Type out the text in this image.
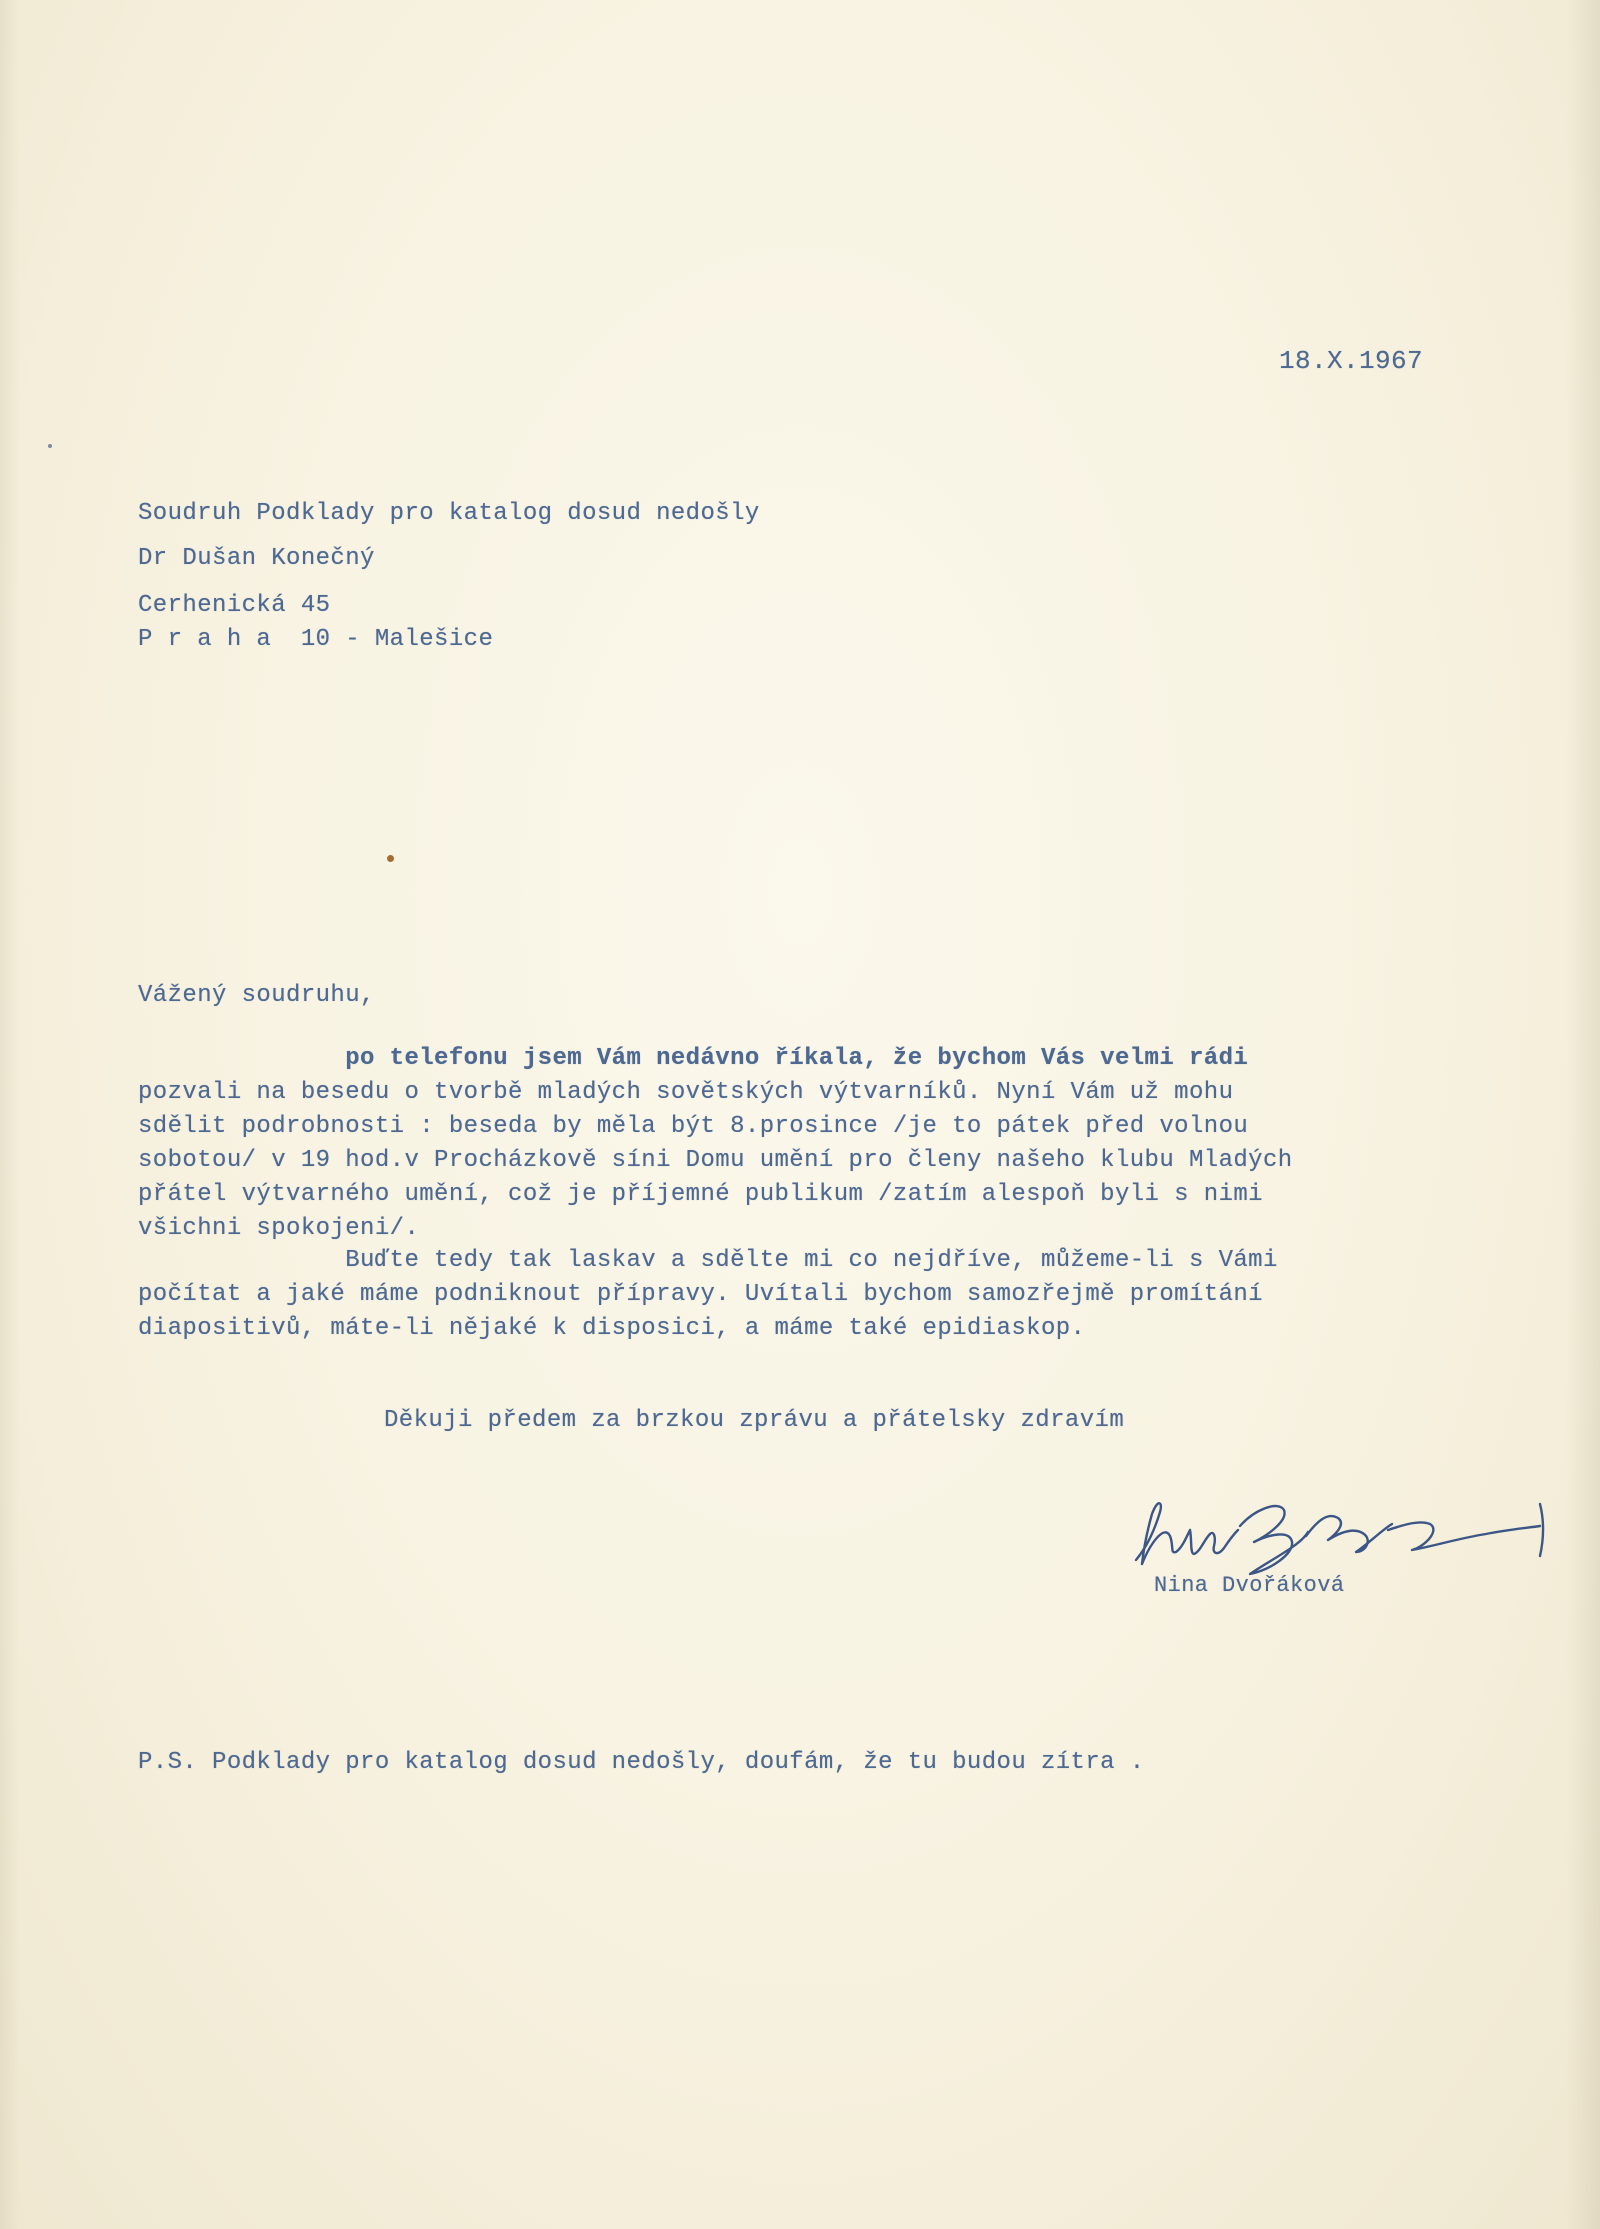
18.X.1967
Soudruh Podklady pro katalog dosud nedošly
Dr Dušan Konečný
Cerhenická 45
P r a h a  10 - Malešice
Vážený soudruhu,
po telefonu jsem Vám nedávno říkala, že bychom Vás velmi rádi
pozvali na besedu o tvorbě mladých sovětských výtvarníků. Nyní Vám už mohu
sdělit podrobnosti : beseda by měla být 8.prosince /je to pátek před volnou
sobotou/ v 19 hod.v Procházkově síni Domu umění pro členy našeho klubu Mladých
přátel výtvarného umění, což je příjemné publikum /zatím alespoň byli s nimi
všichni spokojeni/.
Buďte tedy tak laskav a sdělte mi co nejdříve, můžeme-li s Vámi
počítat a jaké máme podniknout přípravy. Uvítali bychom samozřejmě promítání
diapositivů, máte-li nějaké k disposici, a máme také epidiaskop.
Děkuji předem za brzkou zprávu a přátelsky zdravím
Nina Dvořáková
P.S. Podklady pro katalog dosud nedošly, doufám, že tu budou zítra .
